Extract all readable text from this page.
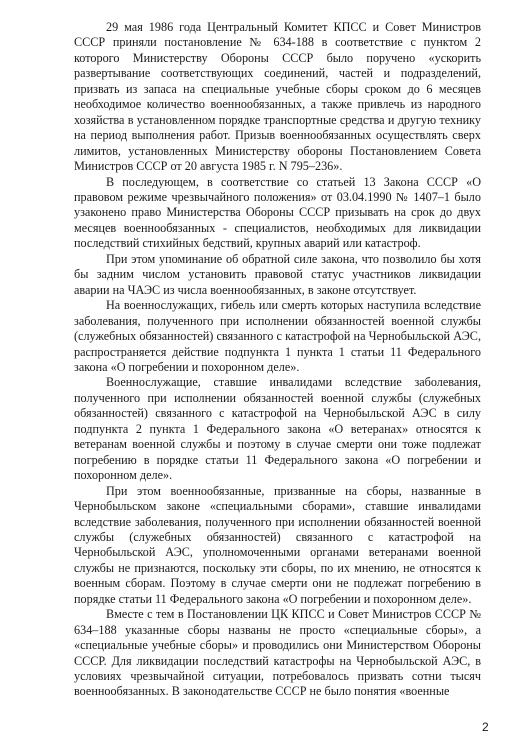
29 мая 1986 года Центральный Комитет КПСС и Совет Министров СССР приняли постановление № 634-188 в соответствие с пунктом 2 которого Министерству Обороны СССР было поручено «ускорить развертывание соответствующих соединений, частей и подразделений, призвать из запаса на специальные учебные сборы сроком до 6 месяцев необходимое количество военнообязанных, а также привлечь из народного хозяйства в установленном порядке транспортные средства и другую технику на период выполнения работ. Призыв военнообязанных осуществлять сверх лимитов, установленных Министерству обороны Постановлением Совета Министров СССР от 20 августа 1985 г. N 795–236».

В последующем, в соответствие со статьей 13 Закона СССР «О правовом режиме чрезвычайного положения» от 03.04.1990 № 1407–1 было узаконено право Министерства Обороны СССР призывать на срок до двух месяцев военнообязанных - специалистов, необходимых для ликвидации последствий стихийных бедствий, крупных аварий или катастроф.

При этом упоминание об обратной силе закона, что позволило бы хотя бы задним числом установить правовой статус участников ликвидации аварии на ЧАЭС из числа военнообязанных, в законе отсутствует.

На военнослужащих, гибель или смерть которых наступила вследствие заболевания, полученного при исполнении обязанностей военной службы (служебных обязанностей) связанного с катастрофой на Чернобыльской АЭС, распространяется действие подпункта 1 пункта 1 статьи 11 Федерального закона «О погребении и похоронном деле».

Военнослужащие, ставшие инвалидами вследствие заболевания, полученного при исполнении обязанностей военной службы (служебных обязанностей) связанного с катастрофой на Чернобыльской АЭС в силу подпункта 2 пункта 1 Федерального закона «О ветеранах» относятся к ветеранам военной службы и поэтому в случае смерти они тоже подлежат погребению в порядке статьи 11 Федерального закона «О погребении и похоронном деле».

При этом военнообязанные, призванные на сборы, названные в Чернобыльском законе «специальными сборами», ставшие инвалидами вследствие заболевания, полученного при исполнении обязанностей военной службы (служебных обязанностей) связанного с катастрофой на Чернобыльской АЭС, уполномоченными органами ветеранами военной службы не признаются, поскольку эти сборы, по их мнению, не относятся к военным сборам. Поэтому в случае смерти они не подлежат погребению в порядке статьи 11 Федерального закона «О погребении и похоронном деле».

Вместе с тем в Постановлении ЦК КПСС и Совет Министров СССР № 634–188 указанные сборы названы не просто «специальные сборы», а «специальные учебные сборы» и проводились они Министерством Обороны СССР. Для ликвидации последствий катастрофы на Чернобыльской АЭС, в условиях чрезвычайной ситуации, потребовалось призвать сотни тысяч военнообязанных. В законодательстве СССР не было понятия «военные

2
